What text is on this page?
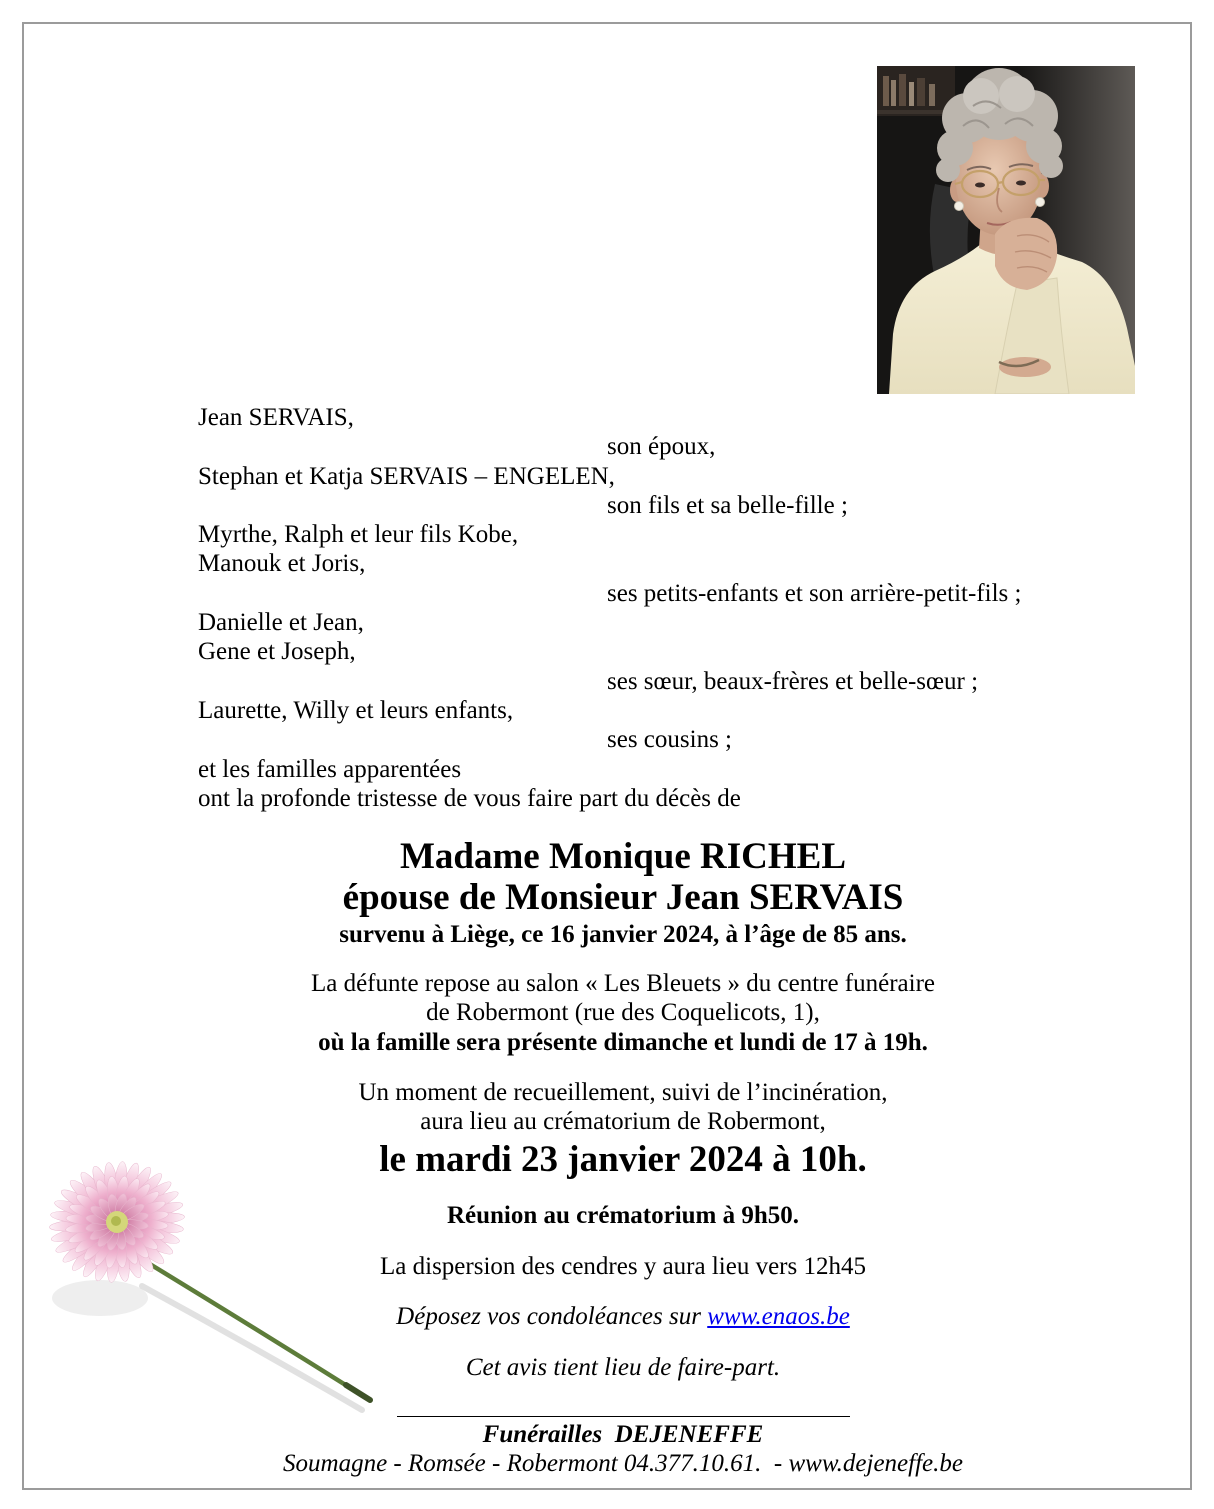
Jean SERVAIS,
son époux,
Stephan et Katja SERVAIS – ENGELEN,
son fils et sa belle-fille ;
Myrthe, Ralph et leur fils Kobe,
Manouk et Joris,
ses petits-enfants et son arrière-petit-fils ;
Danielle et Jean,
Gene et Joseph,
ses sœur, beaux-frères et belle-sœur ;
Laurette, Willy et leurs enfants,
ses cousins ;
et les familles apparentées
ont la profonde tristesse de vous faire part du décès de
Madame Monique RICHEL
épouse de Monsieur Jean SERVAIS
survenu à Liège, ce 16 janvier 2024, à l’âge de 85 ans.
La défunte repose au salon « Les Bleuets » du centre funéraire
de Robermont (rue des Coquelicots, 1),
où la famille sera présente dimanche et lundi de 17 à 19h.
Un moment de recueillement, suivi de l’incinération,
aura lieu au crématorium de Robermont,
le mardi 23 janvier 2024 à 10h.
Réunion au crématorium à 9h50.
La dispersion des cendres y aura lieu vers 12h45
Déposez vos condoléances sur www.enaos.be
Cet avis tient lieu de faire-part.
Funérailles  DEJENEFFE
Soumagne - Romsée - Robermont 04.377.10.61.  - www.dejeneffe.be
